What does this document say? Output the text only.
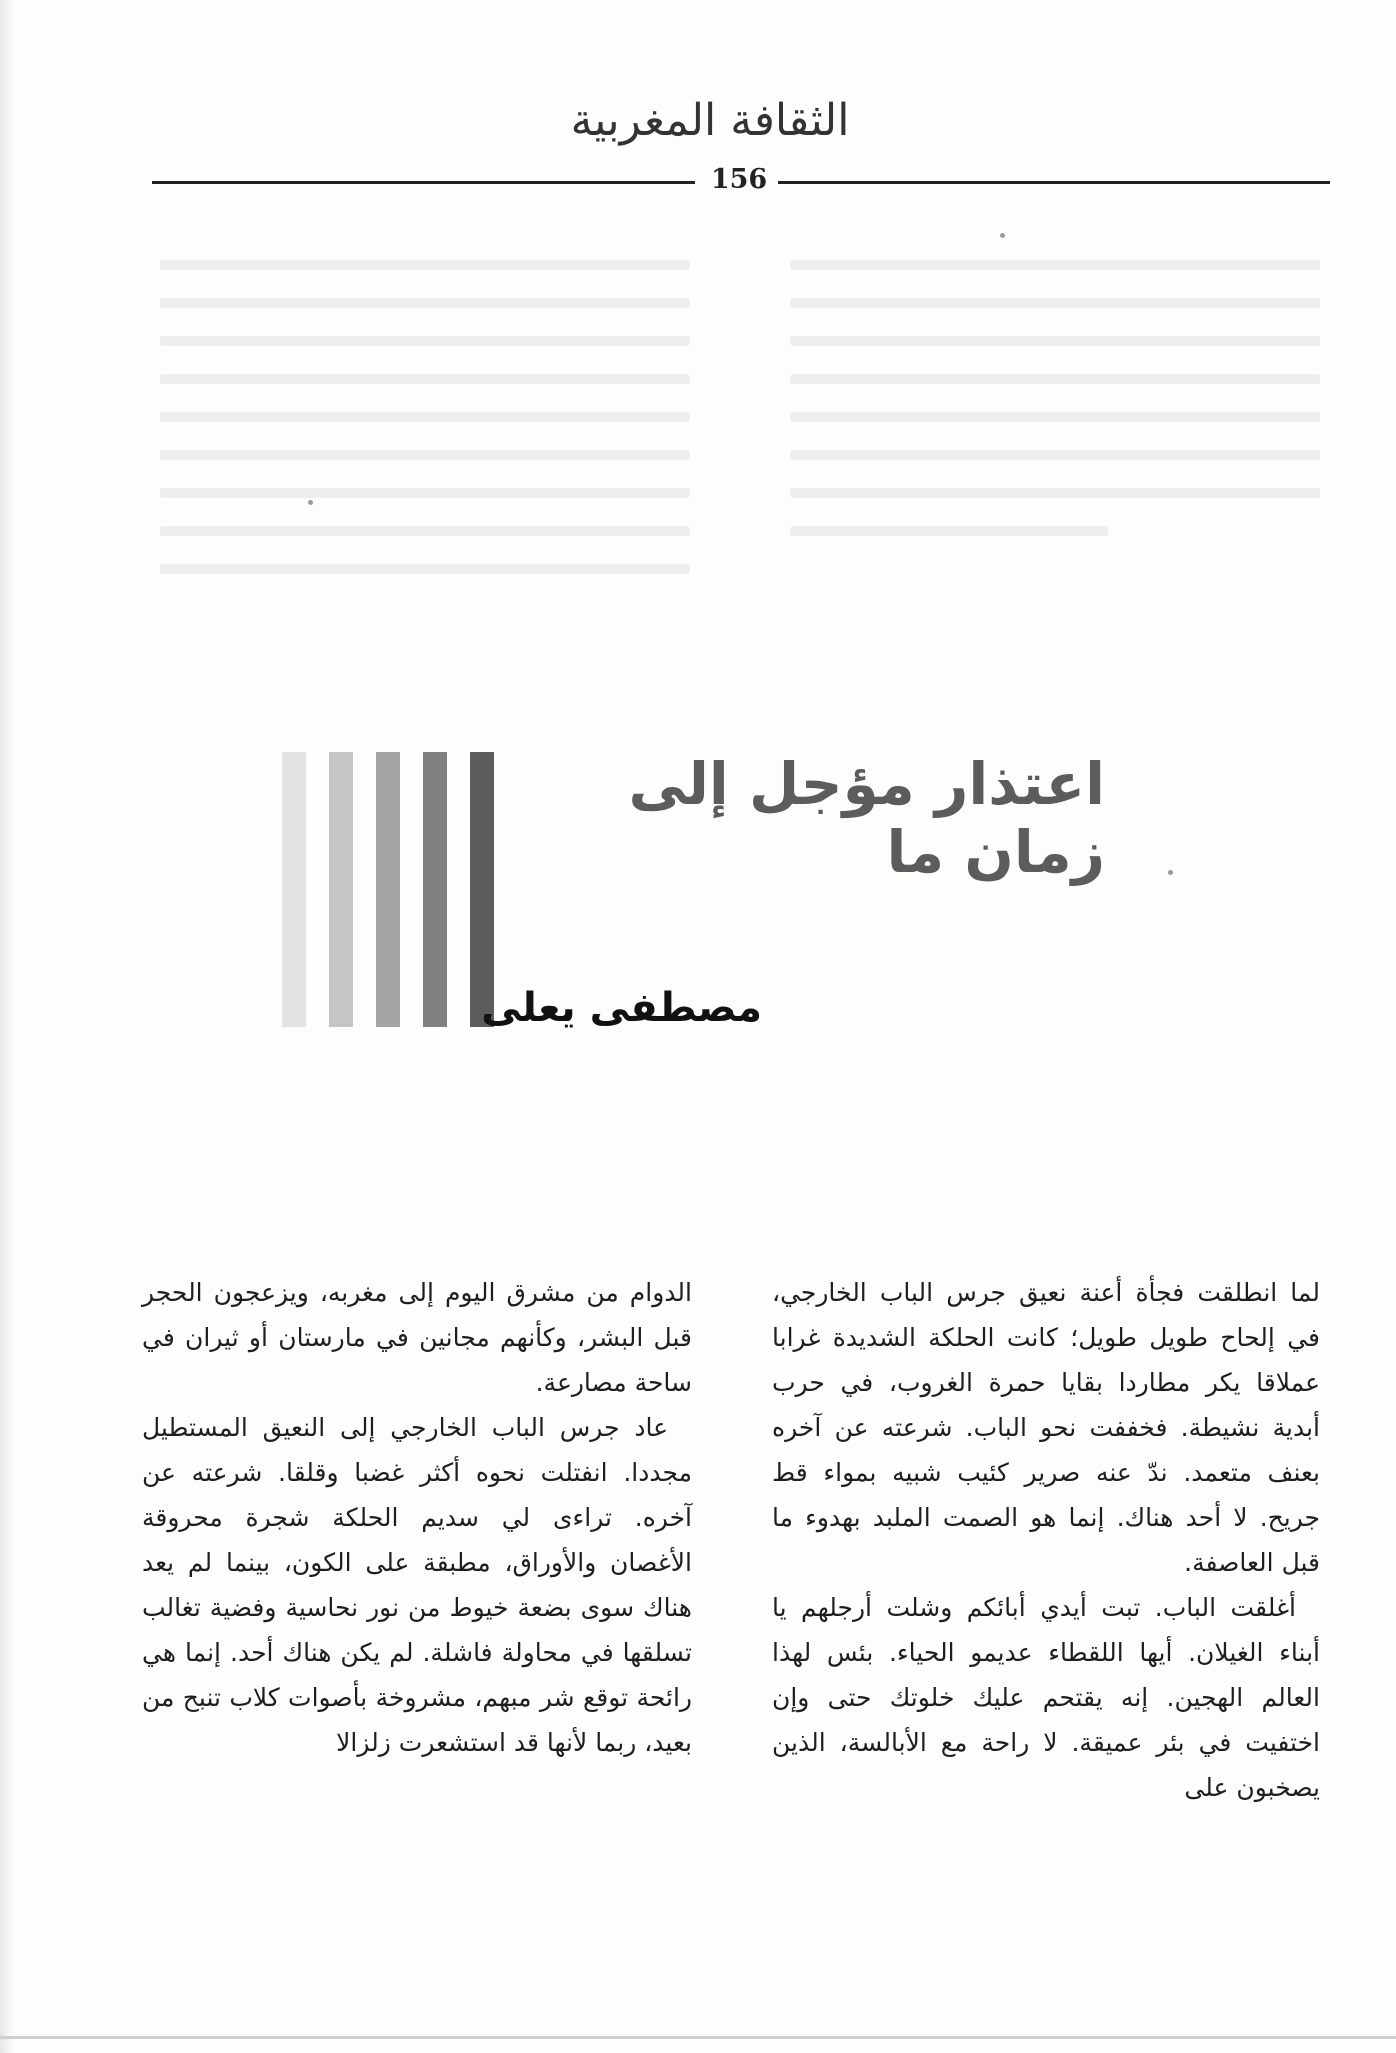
الثقافة المغربية
156
اعتذار مؤجل إلى زمان ما
مصطفى يعلى

لما انطلقت فجأة أعنة نعيق جرس الباب الخارجي، في إلحاح طويل طويل؛ كانت الحلكة الشديدة غرابا عملاقا يكر مطاردا بقايا حمرة الغروب، في حرب أبدية نشيطة. فخففت نحو الباب. شرعته عن آخره بعنف متعمد. ندّ عنه صرير كئيب شبيه بمواء قط جريح. لا أحد هناك. إنما هو الصمت الملبد بهدوء ما قبل العاصفة.

أغلقت الباب. تبت أيدي أبائكم وشلت أرجلهم يا أبناء الغيلان. أيها اللقطاء عديمو الحياء. بئس لهذا العالم الهجين. إنه يقتحم عليك خلوتك حتى وإن اختفيت في بئر عميقة. لا راحة مع الأبالسة، الذين يصخبون على

الدوام من مشرق اليوم إلى مغربه، ويزعجون الحجر قبل البشر، وكأنهم مجانين في مارستان أو ثيران في ساحة مصارعة.

عاد جرس الباب الخارجي إلى النعيق المستطيل مجددا. انفتلت نحوه أكثر غضبا وقلقا. شرعته عن آخره. تراءى لي سديم الحلكة شجرة محروقة الأغصان والأوراق، مطبقة على الكون، بينما لم يعد هناك سوى بضعة خيوط من نور نحاسية وفضية تغالب تسلقها في محاولة فاشلة. لم يكن هناك أحد. إنما هي رائحة توقع شر مبهم، مشروخة بأصوات كلاب تنبح من بعيد، ربما لأنها قد استشعرت زلزالا
